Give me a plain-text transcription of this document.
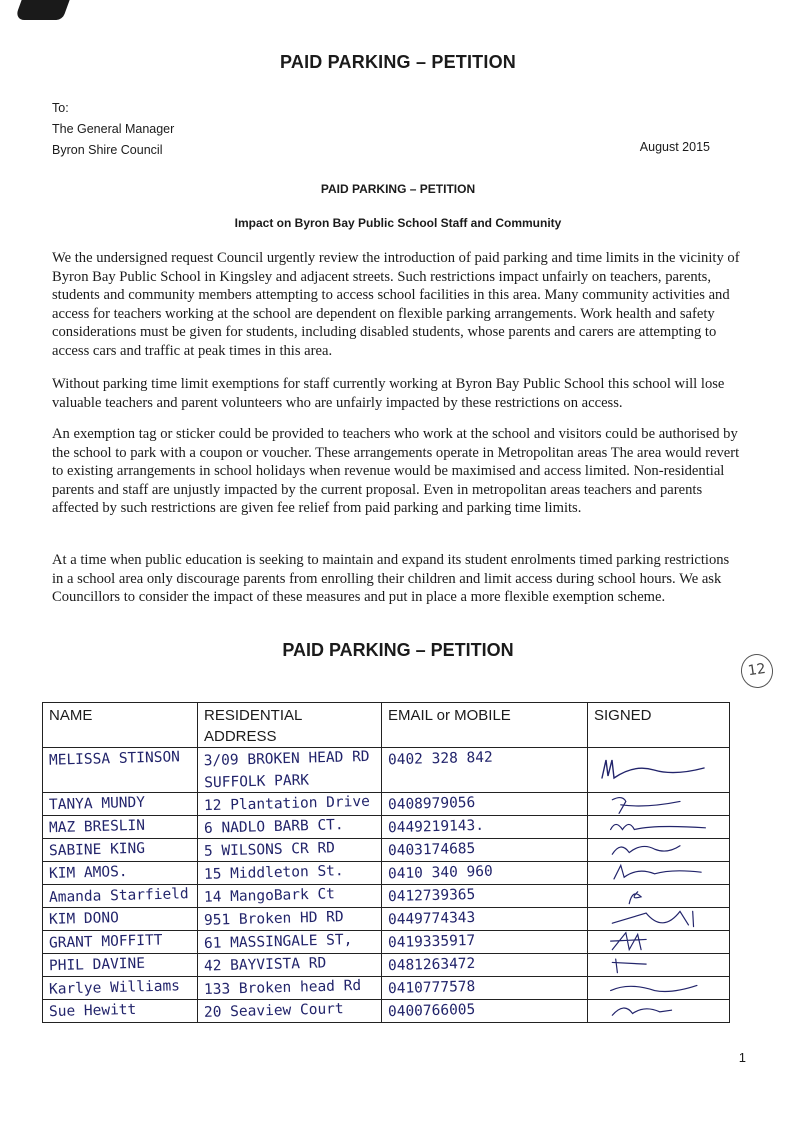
PAID PARKING – PETITION
To:
The General Manager
Byron Shire Council	August 2015
PAID PARKING – PETITION
Impact on Byron Bay Public School Staff and Community

We the undersigned request Council urgently review the introduction of paid parking and time limits in the vicinity of Byron Bay Public School in Kingsley and adjacent streets. Such restrictions impact unfairly on teachers, parents, students and community members attempting to access school facilities in this area. Many community activities and access for teachers working at the school are dependent on flexible parking arrangements. Work health and safety considerations must be given for students, including disabled students, whose parents and carers are attempting to access cars and traffic at peak times in this area.

Without parking time limit exemptions for staff currently working at Byron Bay Public School this school will lose valuable teachers and parent volunteers who are unfairly impacted by these restrictions on access.

An exemption tag or sticker could be provided to teachers who work at the school and visitors could be authorised by the school to park with a coupon or voucher. These arrangements operate in Metropolitan areas The area would revert to existing arrangements in school holidays when revenue would be maximised and access limited. Non-residential parents and staff are unjustly impacted by the current proposal. Even in metropolitan areas teachers and parents affected by such restrictions are given fee relief from paid parking and parking time limits.

At a time when public education is seeking to maintain and expand its student enrolments timed parking restrictions in a school area only discourage parents from enrolling their children and limit access during school hours. We ask Councillors to consider the impact of these measures and put in place a more flexible exemption scheme.

PAID PARKING – PETITION
12
NAME	RESIDENTIAL ADDRESS	EMAIL or MOBILE	SIGNED
MELISSA STINSON	3/09 BROKEN HEAD RD SUFFOLK PARK	0402 328 842	

TANYA MUNDY	12 Plantation Drive	0408979056	

MAZ BRESLIN	6 NADLO BARB CT.	0449219143.	

SABINE KING	5 WILSONS CR RD	0403174685	

KIM AMOS.	15 Middleton St.	0410 340 960	

Amanda Starfield	14 MangoBark Ct	0412739365	

KIM DONO	951 Broken HD RD	0449774343	

GRANT MOFFITT	61 MASSINGALE ST,	0419335917	

PHIL DAVINE	42 BAYVISTA RD	0481263472	

Karlye Williams	133 Broken head Rd	0410777578	

Sue Hewitt	20 Seaview Court	0400766005	
1
